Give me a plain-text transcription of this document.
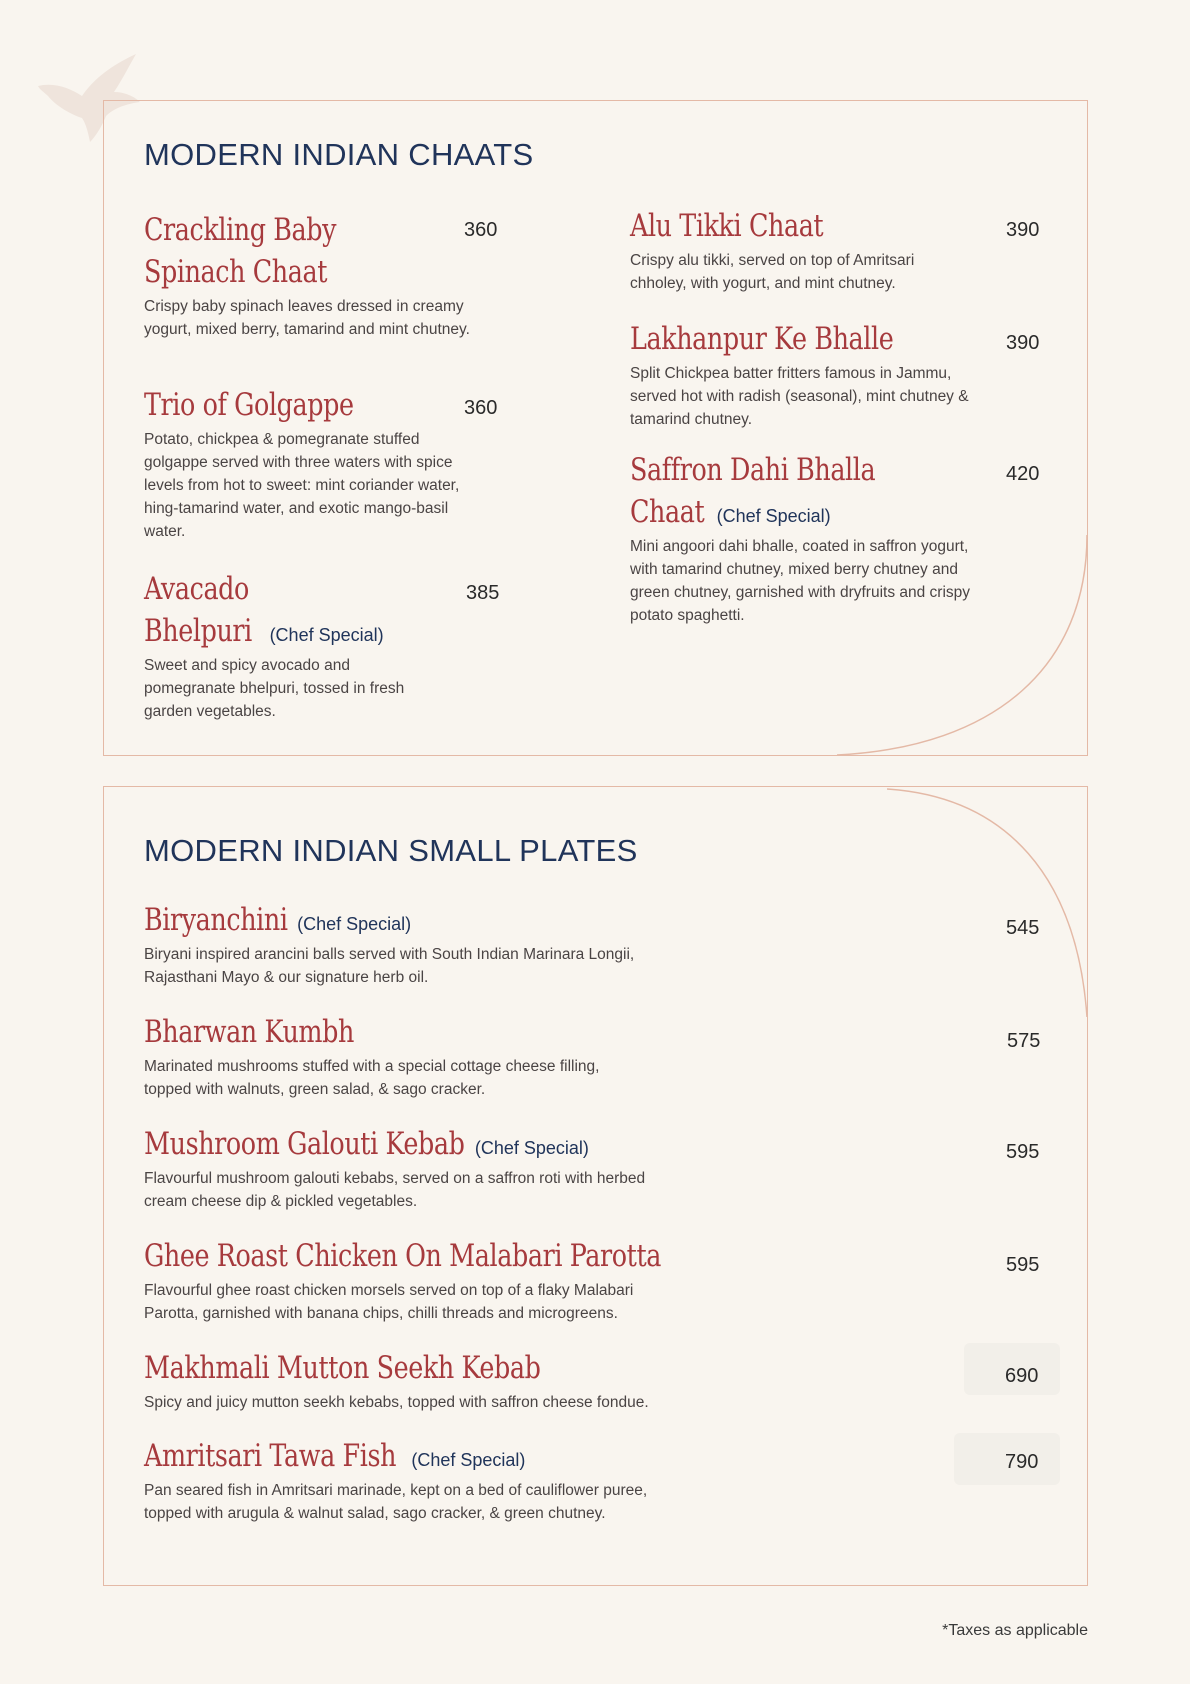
MODERN INDIAN CHAATS
Crackling Baby
Spinach Chaat
Crispy baby spinach leaves dressed in creamy yogurt, mixed berry, tamarind and mint chutney.
360
Trio of Golgappe
Potato, chickpea & pomegranate stuffed golgappe served with three waters with spice levels from hot to sweet: mint coriander water, hing-tamarind water, and exotic mango-basil water.
360
Avacado
Bhelpuri (Chef Special)
Sweet and spicy avocado and pomegranate bhelpuri, tossed in fresh garden vegetables.
385
Alu Tikki Chaat
Crispy alu tikki, served on top of Amritsari chholey, with yogurt, and mint chutney.
390
Lakhanpur Ke Bhalle
Split Chickpea batter fritters famous in Jammu, served hot with radish (seasonal), mint chutney & tamarind chutney.
390
Saffron Dahi Bhalla
Chaat (Chef Special)
Mini angoori dahi bhalle, coated in saffron yogurt, with tamarind chutney, mixed berry chutney and green chutney, garnished with dryfruits and crispy potato spaghetti.
420
MODERN INDIAN SMALL PLATES
Biryanchini (Chef Special)
Biryani inspired arancini balls served with South Indian Marinara Longii,
Rajasthani Mayo & our signature herb oil.
545
Bharwan Kumbh
Marinated mushrooms stuffed with a special cottage cheese filling,
topped with walnuts, green salad, & sago cracker.
575
Mushroom Galouti Kebab (Chef Special)
Flavourful mushroom galouti kebabs, served on a saffron roti with herbed
cream cheese dip & pickled vegetables.
595
Ghee Roast Chicken On Malabari Parotta
Flavourful ghee roast chicken morsels served on top of a flaky Malabari
Parotta, garnished with banana chips, chilli threads and microgreens.
595
Makhmali Mutton Seekh Kebab
Spicy and juicy mutton seekh kebabs, topped with saffron cheese fondue.
690
Amritsari Tawa Fish (Chef Special)
Pan seared fish in Amritsari marinade, kept on a bed of cauliflower puree,
topped with arugula & walnut salad, sago cracker, & green chutney.
790
*Taxes as applicable
